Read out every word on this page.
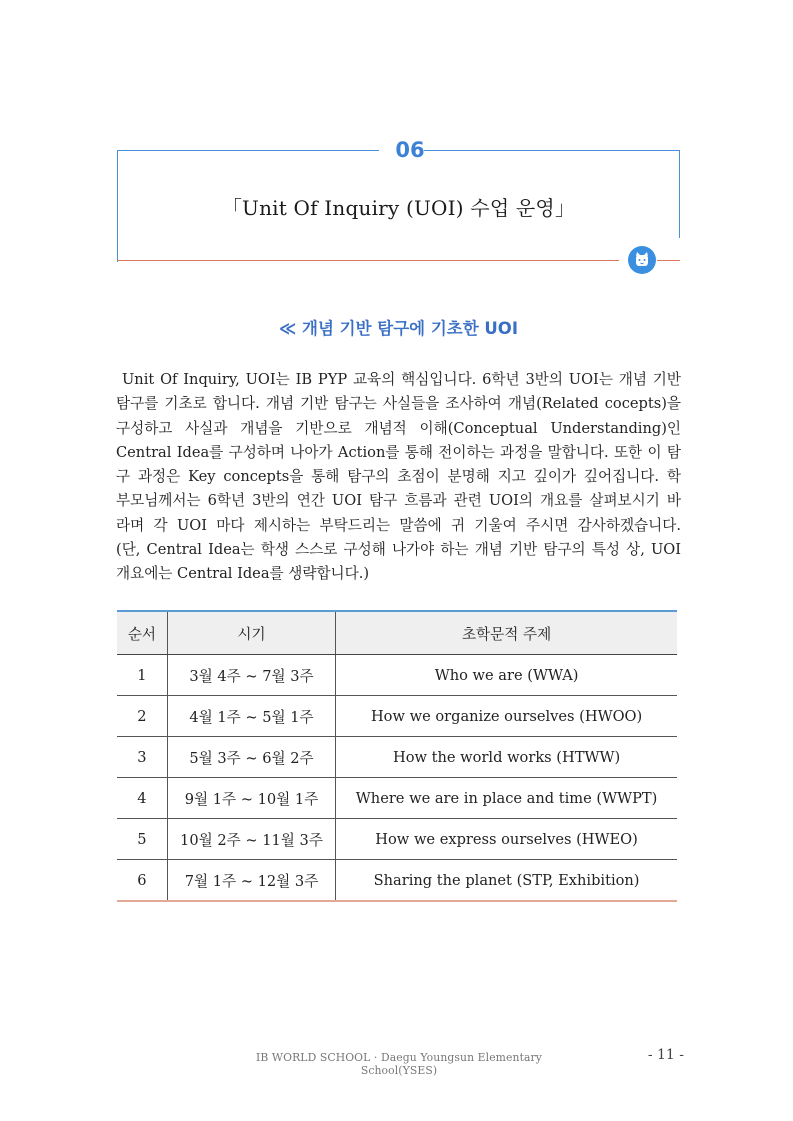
06
「Unit Of Inquiry (UOI) 수업 운영」
≪ 개념 기반 탐구에 기초한 UOI
Unit Of Inquiry, UOI는 IB PYP 교육의 핵심입니다. 6학년 3반의 UOI는 개념 기반
탐구를 기초로 합니다. 개념 기반 탐구는 사실들을 조사하여 개념(Related cocepts)을
구성하고 사실과 개념을 기반으로 개념적 이해(Conceptual Understanding)인
Central Idea를 구성하며 나아가 Action를 통해 전이하는 과정을 말합니다. 또한 이 탐
구 과정은 Key concepts을 통해 탐구의 초점이 분명해 지고 깊이가 깊어집니다. 학
부모님께서는 6학년 3반의 연간 UOI 탐구 흐름과 관련 UOI의 개요를 살펴보시기 바
라며 각 UOI 마다 제시하는 부탁드리는 말씀에 귀 기울여 주시면 감사하겠습니다.
(단, Central Idea는 학생 스스로 구성해 나가야 하는 개념 기반 탐구의 특성 상, UOI
개요에는 Central Idea를 생략합니다.)
순서	시기	초학문적 주제
1	3월 4주 ~ 7월 3주	Who we are (WWA)
2	4월 1주 ~ 5월 1주	How we organize ourselves (HWOO)
3	5월 3주 ~ 6월 2주	How the world works (HTWW)
4	9월 1주 ~ 10월 1주	Where we are in place and time (WWPT)
5	10월 2주 ~ 11월 3주	How we express ourselves (HWEO)
6	7월 1주 ~ 12월 3주	Sharing the planet (STP, Exhibition)
IB WORLD SCHOOL · Daegu Youngsun Elementary School(YSES)
- 11 -
